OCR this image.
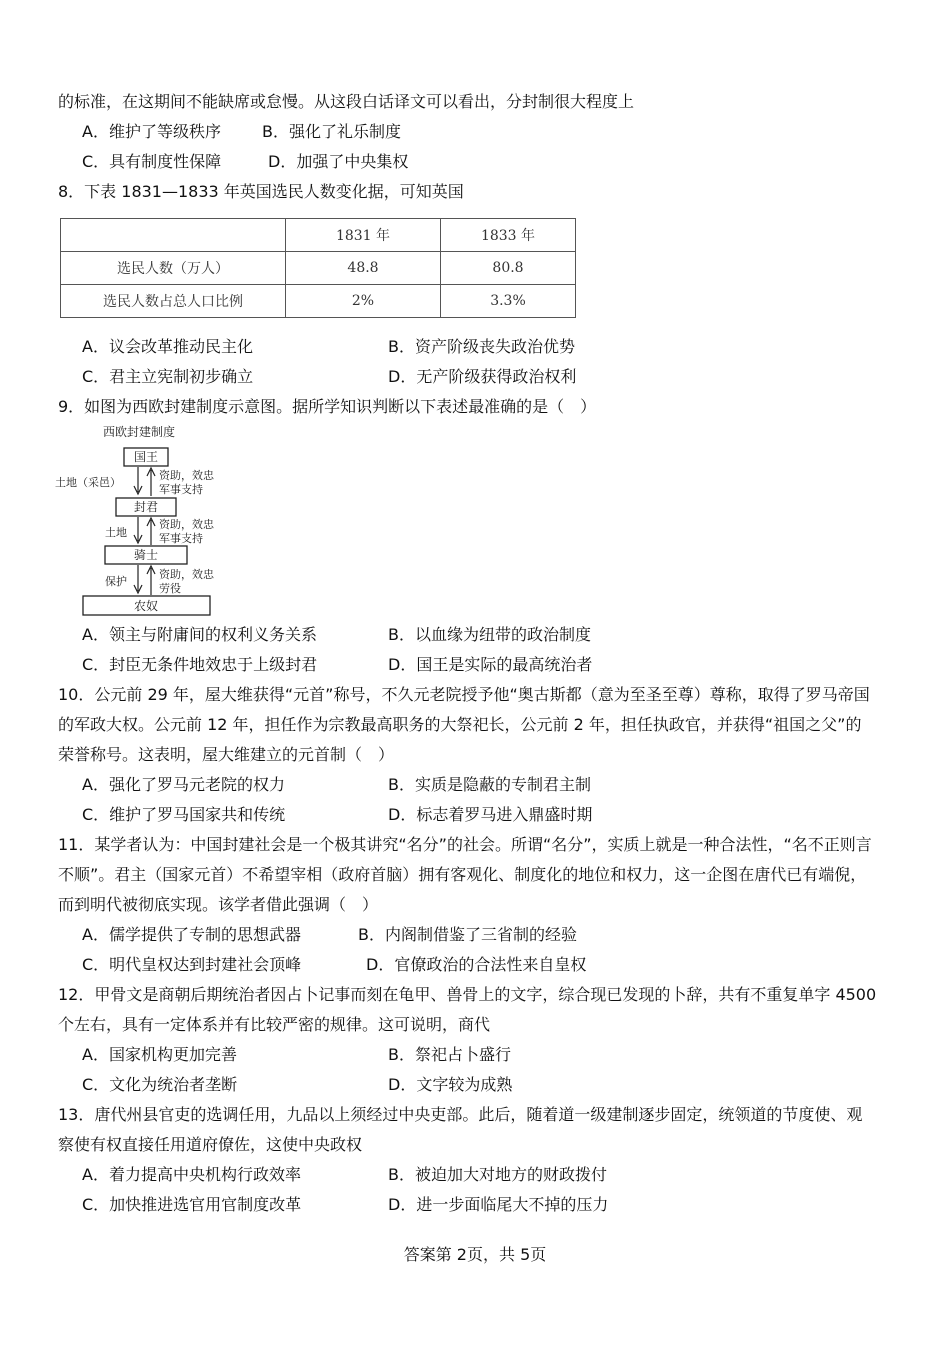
的标准，在这期间不能缺席或怠慢。从这段白话译文可以看出，分封制很大程度上
A．维护了等级秩序	B．强化了礼乐制度
C．具有制度性保障	D．加强了中央集权
8．下表 1831—1833 年英国选民人数变化据，可知英国
	1831 年	1833 年
选民人数（万人）	48.8	80.8
选民人数占总人口比例	2%	3.3%
A．议会改革推动民主化	B．资产阶级丧失政治优势
C．君主立宪制初步确立	D．无产阶级获得政治权利
9．如图为西欧封建制度示意图。据所学知识判断以下表述最准确的是（　）
西欧封建制度
国王
封君
骑士
农奴
土地（采邑）
土地
保护
资助，效忠
军事支持
资助，效忠
军事支持
资助，效忠
劳役
A．领主与附庸间的权利义务关系	B．以血缘为纽带的政治制度
C．封臣无条件地效忠于上级封君	D．国王是实际的最高统治者
10．公元前 29 年，屋大维获得“元首”称号，不久元老院授予他“奥古斯都（意为至圣至尊）尊称，取得了罗马帝国
的军政大权。公元前 12 年，担任作为宗教最高职务的大祭祀长，公元前 2 年，担任执政官，并获得“祖国之父”的
荣誉称号。这表明，屋大维建立的元首制（　）
A．强化了罗马元老院的权力	B．实质是隐蔽的专制君主制
C．维护了罗马国家共和传统	D．标志着罗马进入鼎盛时期
11．某学者认为：中国封建社会是一个极其讲究“名分”的社会。所谓“名分”，实质上就是一种合法性，“名不正则言
不顺”。君主（国家元首）不希望宰相（政府首脑）拥有客观化、制度化的地位和权力，这一企图在唐代已有端倪，
而到明代被彻底实现。该学者借此强调（　）
A．儒学提供了专制的思想武器	B．内阁制借鉴了三省制的经验
C．明代皇权达到封建社会顶峰	D．官僚政治的合法性来自皇权
12．甲骨文是商朝后期统治者因占卜记事而刻在龟甲、兽骨上的文字，综合现已发现的卜辞，共有不重复单字 4500
个左右，具有一定体系并有比较严密的规律。这可说明，商代
A．国家机构更加完善	B．祭祀占卜盛行
C．文化为统治者垄断	D．文字较为成熟
13．唐代州县官吏的选调任用，九品以上须经过中央吏部。此后，随着道一级建制逐步固定，统领道的节度使、观
察使有权直接任用道府僚佐，这使中央政权
A．着力提高中央机构行政效率	B．被迫加大对地方的财政拨付
C．加快推进选官用官制度改革	D．进一步面临尾大不掉的压力
答案第 2页，共 5页
